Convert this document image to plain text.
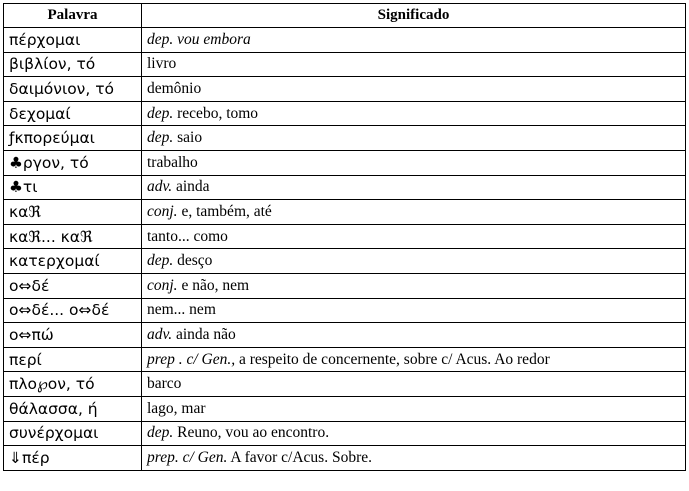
Palavra	Significado
πέρχομαι	dep. vou embora
βιβλίον, τό	livro
δαιμόνιον, τό	demônio
δεχομαί	dep. recebo, tomo
ƒκπορεύμαι	dep. saio
♣ργον, τό	trabalho
♣τι	adv. ainda
καℜ	conj. e, também, até
καℜ... καℜ	tanto... como
κατερχομαί	dep. desço
ο⇔δέ	conj. e não, nem
ο⇔δέ... ο⇔δέ	nem... nem
ο⇔πώ	adv. ainda não
περί	prep . c/ Gen., a respeito de concernente, sobre c/ Acus. Ao redor
πλο℘ον, τό	barco
θάλασσα, ή	lago, mar
συνέρχομαι	dep. Reuno, vou ao encontro.
⇓πέρ	prep. c/ Gen. A favor c/Acus. Sobre.
